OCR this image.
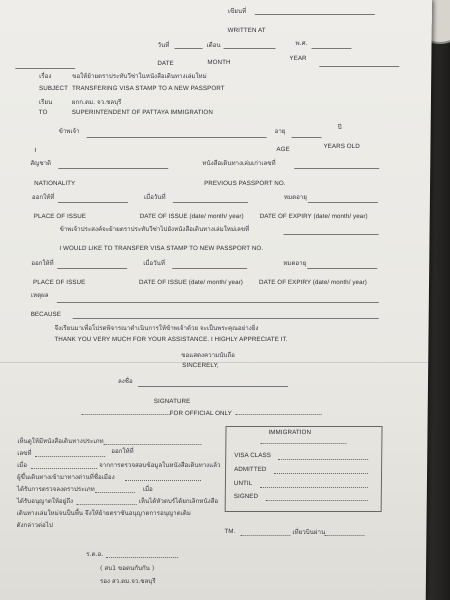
เขียนที่
WRITTEN AT
วันที่	เดือน	พ.ศ.
DATE	MONTH
YEAR
เรื่อง	ขอให้ย้ายตราประทับวีซ่าในหนังสือเดินทางเล่มใหม่
SUBJECT TRANSFERING VISA STAMP TO A NEW PASSPORT
เรียน	ผกก.ตม. จว.ชลบุรี
TO	SUPERINTENDENT OF PATTAYA IMMIGRATION
ข้าพเจ้า	อายุ
ปี
I	AGE	YEARS OLD
สัญชาติ	หนังสือเดินทางเล่มเก่าเลขที่
NATIONALITY	PREVIOUS PASSPORT NO.
ออกให้ที่	เมื่อวันที่	หมดอายุ
PLACE OF ISSUE	DATE OF ISSUE (date/ month/ year)	DATE OF EXPIRY (date/ month/ year)
ข้าพเจ้าประสงค์จะย้ายตราประทับวีซ่าไปยังหนังสือเดินทางเล่มใหม่เลขที่
I WOULD LIKE TO TRANSFER VISA STAMP TO NEW PASSPORT NO.
ออกให้ที่	เมื่อวันที่	หมดอายุ
PLACE OF ISSUE	DATE OF ISSUE (date/ month/ year)	DATE OF EXPIRY (date/ month/ year)
เหตุผล
BECAUSE
จึงเรียนมาเพื่อโปรดพิจารณาดำเนินการให้ข้าพเจ้าด้วย จะเป็นพระคุณอย่างยิ่ง
THANK YOU VERY MUCH FOR YOUR ASSISTANCE. I HIGHLY APPRECIATE IT.
ขอแสดงความนับถือ
SINCERELY,
ลงชื่อ
SIGNATURE
FOR OFFICIAL ONLY
เห็นดูให้มีหนังสือเดินทางประเภท
เลขที่	ออกให้ที่
เมื่อ	จากการตรวจสอบข้อมูลในหนังสือเดินทางแล้ว
ผู้ขึ้นเดินทางเข้ามาทางด่านที่ชื่อเมือง
ได้รับการตรวจลงตราประเภท	เมื่อ
ได้รับอนุญาตให้อยู่ถึง	เห็นได้หัวดบร์ได้ยกเลิกหนังสือ
เดินทางเล่มใหม่จนป็นพื้น จึงให้ย้ายตราชันอนุญาตการอนุญาตเดิม
ดังกล่าวต่อไป
ร.ต.อ.
( สบ1 ขอตนกับกัน )
รอง สว.ตม.จว.ชลบุรี
IMMIGRATION
VISA CLASS
ADMITTED
UNTIL
SIGNED
TM.	เที่ยวบินผ่าน
